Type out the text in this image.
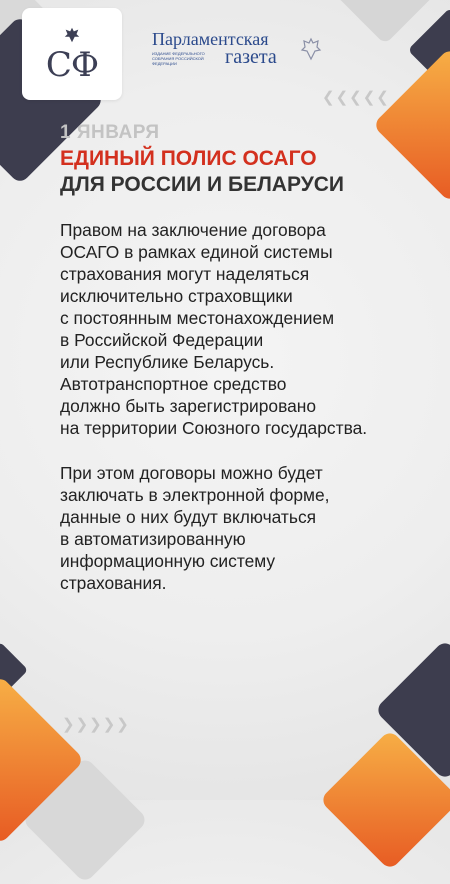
СФ
Парламентская
ИЗДАНИЕ ФЕДЕРАЛЬНОГО СОБРАНИЯ РОССИЙСКОЙ ФЕДЕРАЦИИ	газета
❮❮❮❮❮
1 ЯНВАРЯ
ЕДИНЫЙ ПОЛИС ОСАГО
ДЛЯ РОССИИ И БЕЛАРУСИ
Правом на заключение договора
ОСАГО в рамках единой системы
страхования могут наделяться
исключительно страховщики
с постоянным местонахождением
в Российской Федерации
или Республике Беларусь.
Автотранспортное средство
должно быть зарегистрировано
на территории Союзного государства.
При этом договоры можно будет
заключать в электронной форме,
данные о них будут включаться
в автоматизированную
информационную систему
страхования.
❯❯❯❯❯
